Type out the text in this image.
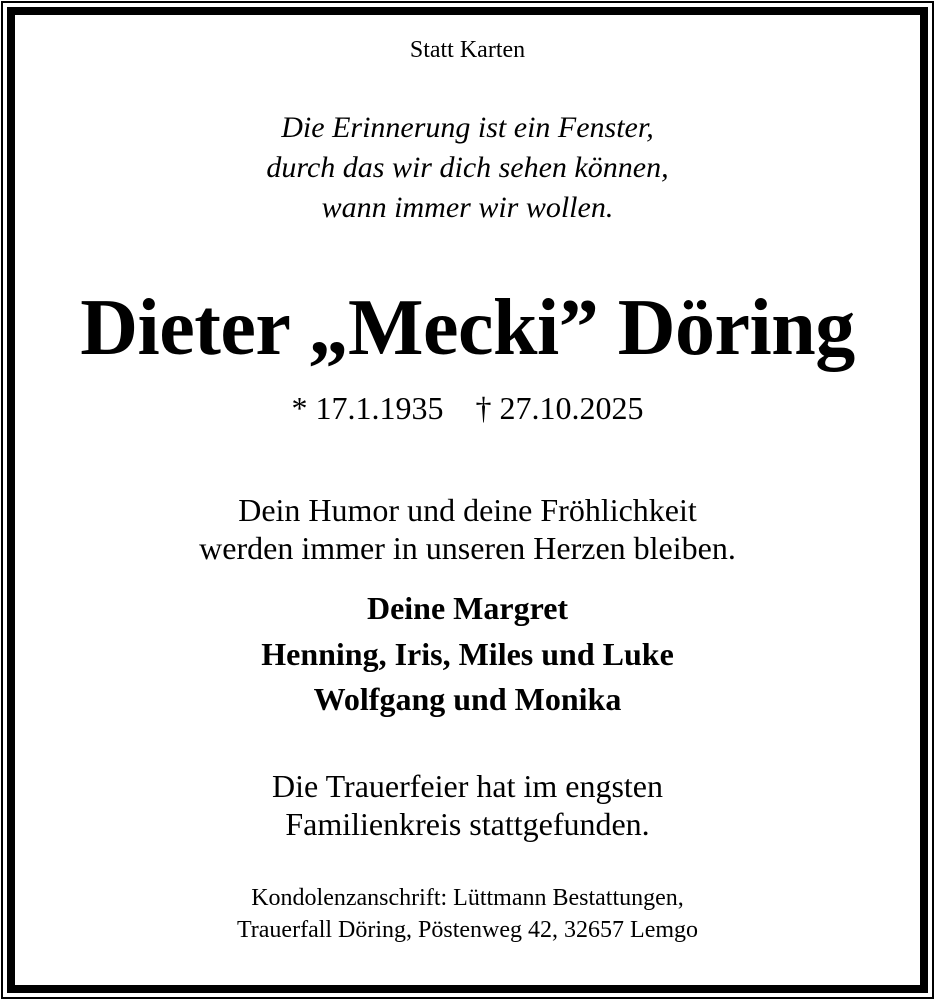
Statt Karten
Die Erinnerung ist ein Fenster,
durch das wir dich sehen können,
wann immer wir wollen.
Dieter „Mecki” Döring
* 17.1.1935 † 27.10.2025
Dein Humor und deine Fröhlichkeit
werden immer in unseren Herzen bleiben.
Deine Margret
Henning, Iris, Miles und Luke
Wolfgang und Monika
Die Trauerfeier hat im engsten
Familienkreis stattgefunden.
Kondolenzanschrift: Lüttmann Bestattungen,
Trauerfall Döring, Pöstenweg 42, 32657 Lemgo
